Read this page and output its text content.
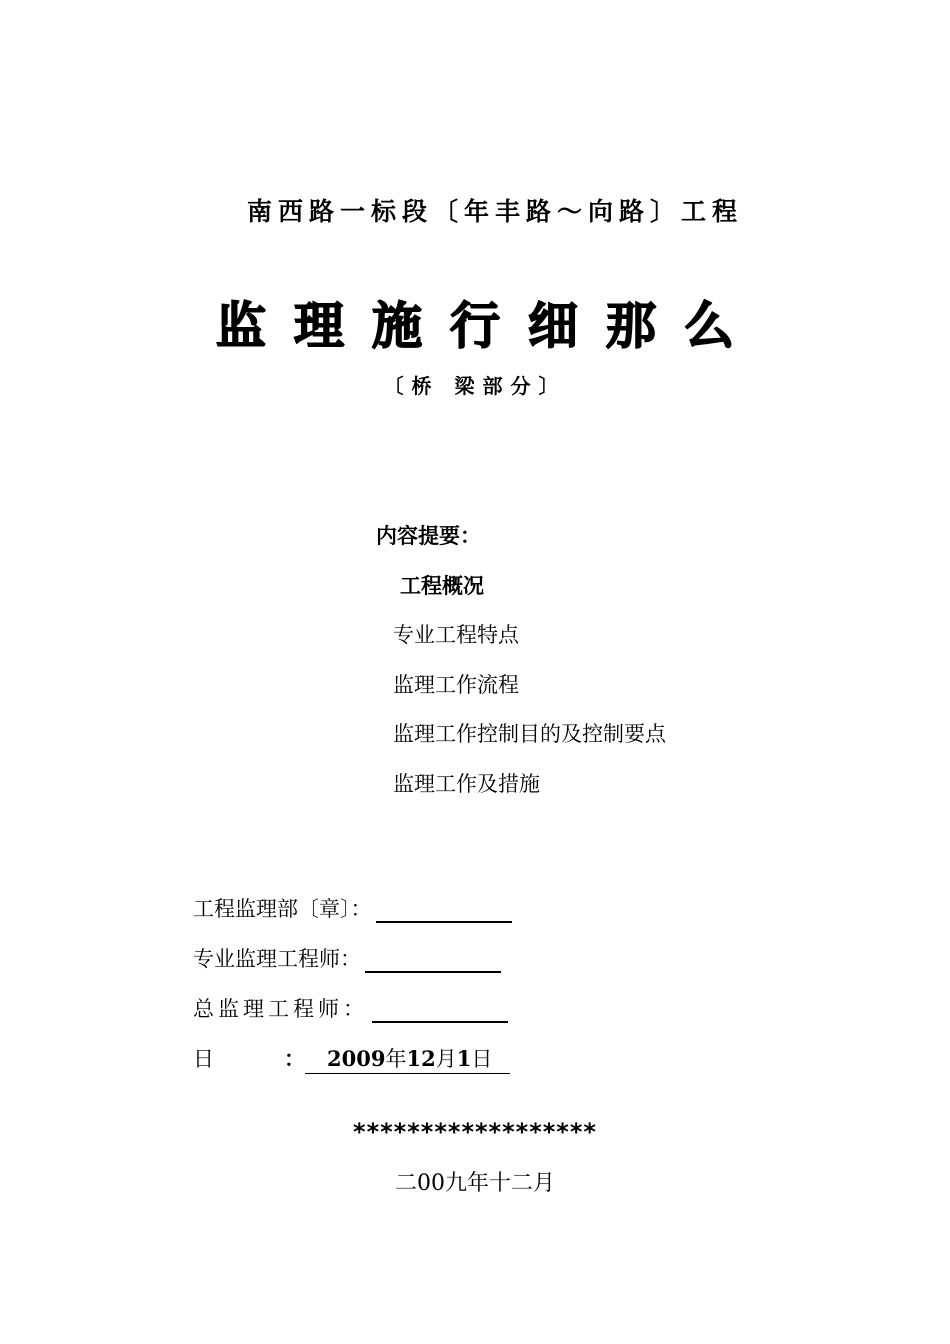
南西路一标段〔年丰路～向路〕工程
监理施行细那么
〔桥 梁部分〕
内容提要：
工程概况
专业工程特点
监理工作流程
监理工作控制目的及控制要点
监理工作及措施
工程监理部〔章〕：
专业监理工程师：
总监理工程师：
日	： 2009年12月1日
******************
二00九年十二月
